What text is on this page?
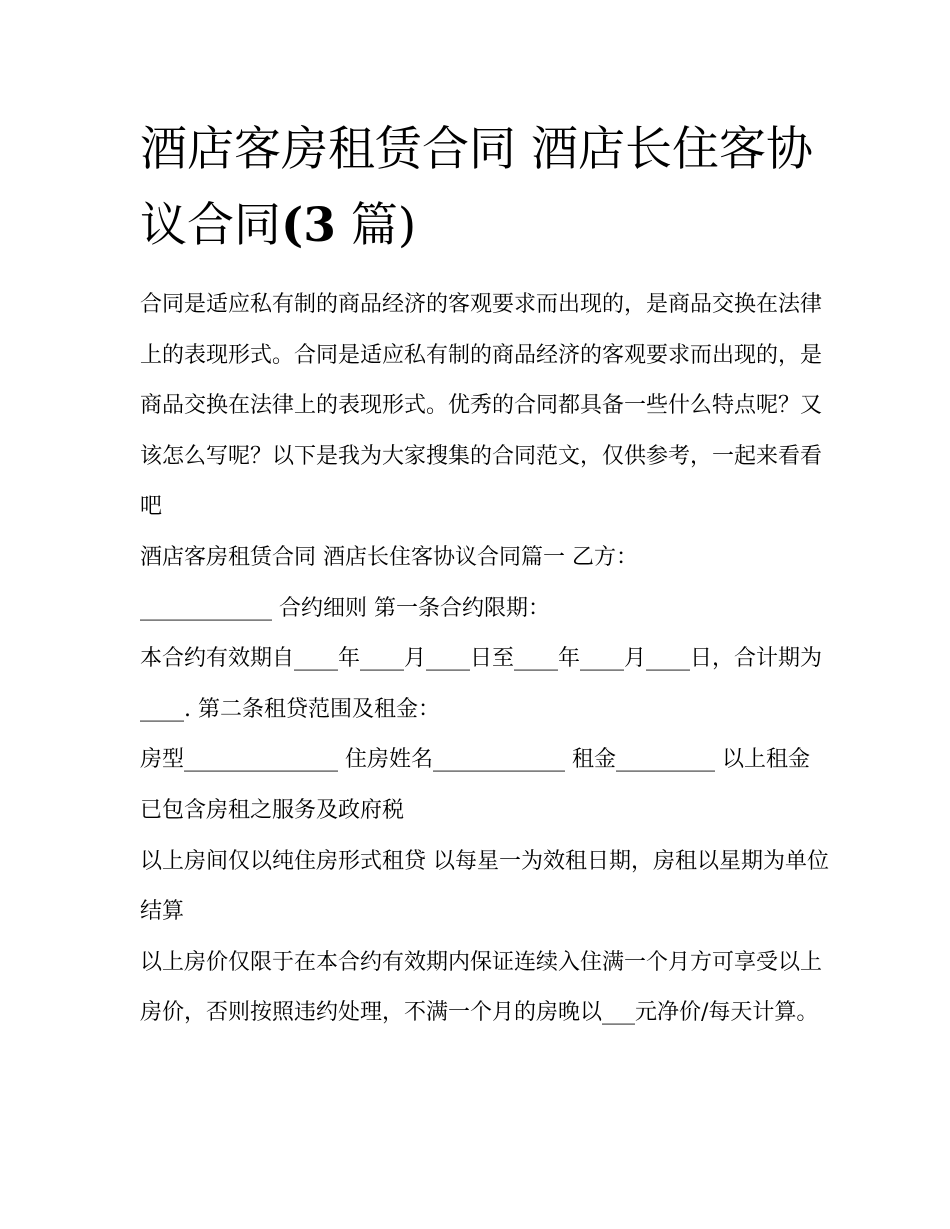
酒店客房租赁合同 酒店长住客协议合同(3 篇)

合同是适应私有制的商品经济的客观要求而出现的，是商品交换在法律上的表现形式。合同是适应私有制的商品经济的客观要求而出现的，是商品交换在法律上的表现形式。优秀的合同都具备一些什么特点呢？又该怎么写呢？以下是我为大家搜集的合同范文，仅供参考，一起来看看吧

酒店客房租赁合同 酒店长住客协议合同篇一 乙方：

____________ 合约细则 第一条合约限期：

本合约有效期自____年____月____日至____年____月____日，合计期为____. 第二条租贷范围及租金：

房型______________ 住房姓名____________ 租金_________ 以上租金已包含房租之服务及政府税

以上房间仅以纯住房形式租贷 以每星一为效租日期，房租以星期为单位结算

以上房价仅限于在本合约有效期内保证连续入住满一个月方可享受以上房价，否则按照违约处理，不满一个月的房晚以___元净价/每天计算。
